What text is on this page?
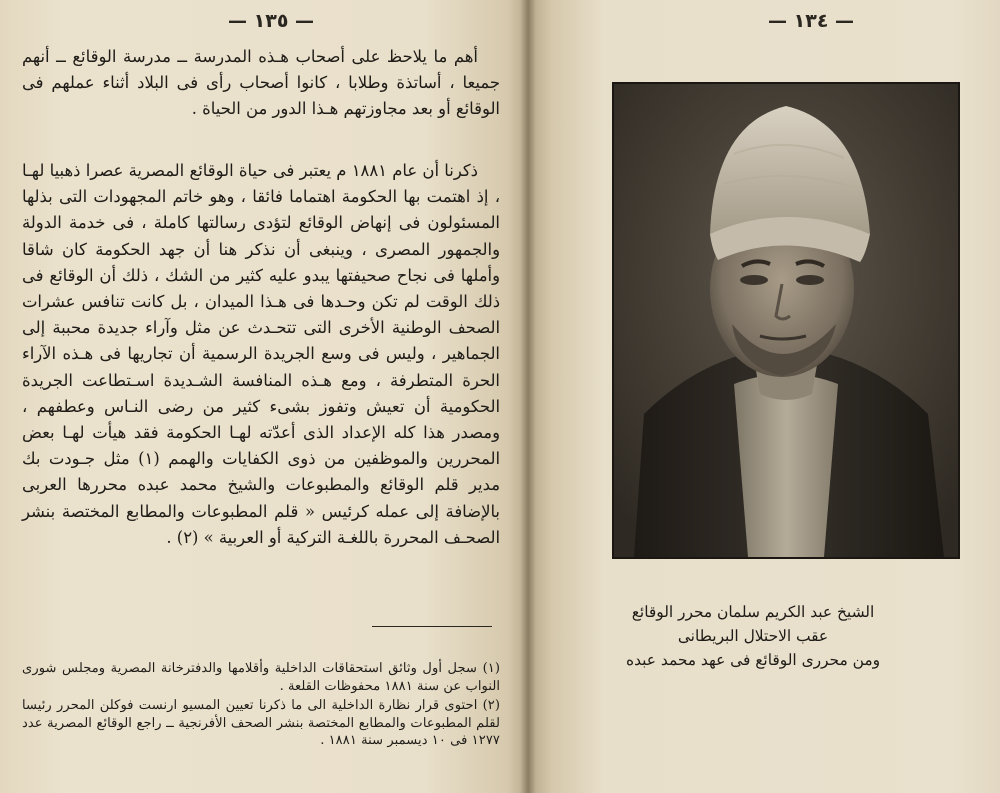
— ١٣٥ —

أهم ما يلاحظ على أصحاب هـذه المدرسة ــ مدرسة الوقائع ــ أنهم جميعا ، أساتذة وطلابا ، كانوا أصحاب رأى فى البلاد أثناء عملهم فى الوقائع أو بعد مجاوزتهم هـذا الدور من الحياة .

ذكرنا أن عام ١٨٨١ م يعتبر فى حياة الوقائع المصرية عصرا ذهبيا لهـا ، إذ اهتمت بها الحكومة اهتماما فائقا ، وهو خاتم المجهودات التى بذلها المسئولون فى إنهاض الوقائع لتؤدى رسالتها كاملة ، فى خدمة الدولة والجمهور المصرى ، وينبغى أن نذكر هنا أن جهد الحكومة كان شاقا وأملها فى نجاح صحيفتها يبدو عليه كثير من الشك ، ذلك أن الوقائع فى ذلك الوقت لم تكن وحـدها فى هـذا الميدان ، بل كانت تنافس عشرات الصحف الوطنية الأخرى التى تتحـدث عن مثل وآراء جديدة محببة إلى الجماهير ، وليس فى وسع الجريدة الرسمية أن تجاريها فى هـذه الآراء الحرة المتطرفة ، ومع هـذه المنافسة الشـديدة اسـتطاعت الجريدة الحكومية أن تعيش وتفوز بشىء كثير من رضى النـاس وعطفهم ، ومصدر هذا كله الإعداد الذى أعدّته لهـا الحكومة فقد هيأت لهـا بعض المحررين والموظفين من ذوى الكفايات والهمم (١) مثل جـودت بك مدير قلم الوقائع والمطبوعات والشيخ محمد عبده محررها العربى بالإضافة إلى عمله كرئيس « قلم المطبوعات والمطابع المختصة بنشر الصحـف المحررة باللغـة التركية أو العربية » (٢) .

(١) سجل أول وثائق استحقاقات الداخلية وأقلامها والدفترخانة المصرية ومجلس شورى النواب عن سنة ١٨٨١ محفوظات القلعة .

(٢) احتوى قرار نظارة الداخلية الى ما ذكرنا تعيين المسيو ارنست فوكلن المحرر رئيسا لقلم المطبوعات والمطابع المختصة بنشر الصحف الأفرنجية ــ راجع الوقائع المصرية عدد ١٢٧٧ فى ١٠ ديسمبر سنة ١٨٨١ .

— ١٣٤ —
الشيخ عبد الكريم سلمان محرر الوقائع
عقب الاحتلال البريطانى
ومن محررى الوقائع فى عهد محمد عبده
